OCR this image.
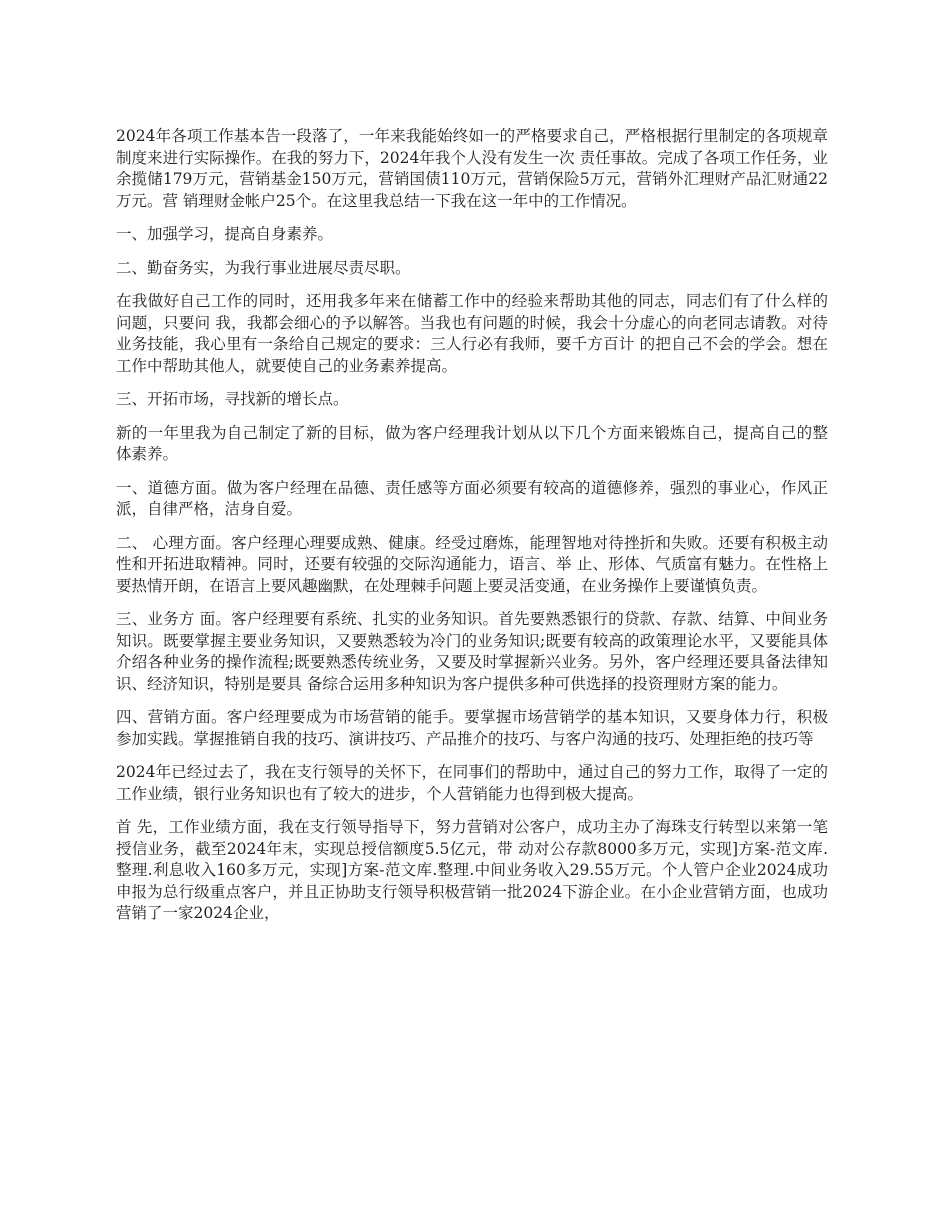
2024年各项工作基本告一段落了，一年来我能始终如一的严格要求自己，严格根据行里制定的各项规章制度来进行实际操作。在我的努力下，2024年我个人没有发生一次 责任事故。完成了各项工作任务，业余揽储179万元，营销基金150万元，营销国债110万元，营销保险5万元，营销外汇理财产品汇财通22万元。营 销理财金帐户25个。在这里我总结一下我在这一年中的工作情况。

一、加强学习，提高自身素养。

二、勤奋务实，为我行事业进展尽责尽职。

在我做好自己工作的同时，还用我多年来在储蓄工作中的经验来帮助其他的同志，同志们有了什么样的问题，只要问 我，我都会细心的予以解答。当我也有问题的时候，我会十分虚心的向老同志请教。对待业务技能，我心里有一条给自己规定的要求：三人行必有我师，要千方百计 的把自己不会的学会。想在工作中帮助其他人，就要使自己的业务素养提高。

三、开拓市场，寻找新的增长点。

新的一年里我为自己制定了新的目标，做为客户经理我计划从以下几个方面来锻炼自己，提高自己的整体素养。

一、道德方面。做为客户经理在品德、责任感等方面必须要有较高的道德修养，强烈的事业心，作风正派，自律严格，洁身自爱。

二、 心理方面。客户经理心理要成熟、健康。经受过磨炼，能理智地对待挫折和失败。还要有积极主动性和开拓进取精神。同时，还要有较强的交际沟通能力，语言、举 止、形体、气质富有魅力。在性格上要热情开朗，在语言上要风趣幽默，在处理棘手问题上要灵活变通，在业务操作上要谨慎负责。

三、业务方 面。客户经理要有系统、扎实的业务知识。首先要熟悉银行的贷款、存款、结算、中间业务知识。既要掌握主要业务知识，又要熟悉较为冷门的业务知识;既要有较高的政策理论水平，又要能具体介绍各种业务的操作流程;既要熟悉传统业务，又要及时掌握新兴业务。另外，客户经理还要具备法律知识、经济知识，特别是要具 备综合运用多种知识为客户提供多种可供选择的投资理财方案的能力。

四、营销方面。客户经理要成为市场营销的能手。要掌握市场营销学的基本知识，又要身体力行，积极参加实践。掌握推销自我的技巧、演讲技巧、产品推介的技巧、与客户沟通的技巧、处理拒绝的技巧等

2024年已经过去了，我在支行领导的关怀下，在同事们的帮助中，通过自己的努力工作，取得了一定的工作业绩，银行业务知识也有了较大的进步，个人营销能力也得到极大提高。

首 先，工作业绩方面，我在支行领导指导下，努力营销对公客户，成功主办了海珠支行转型以来第一笔授信业务，截至2024年末，实现总授信额度5.5亿元，带 动对公存款8000多万元，实现]方案-范文库.整理.利息收入160多万元，实现]方案-范文库.整理.中间业务收入29.55万元。个人管户企业2024成功申报为总行级重点客户，并且正协助支行领导积极营销一批2024下游企业。在小企业营销方面，也成功营销了一家2024企业，
